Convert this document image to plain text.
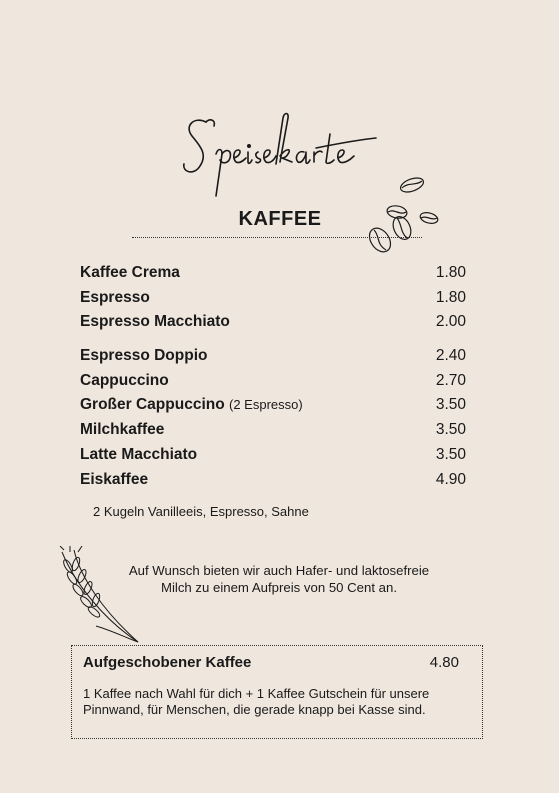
KAFFEE
Kaffee Crema	1.80
Espresso	1.80
Espresso Macchiato	2.00
Espresso Doppio	2.40
Cappuccino	2.70
Großer Cappuccino (2 Espresso)	3.50
Milchkaffee	3.50
Latte Macchiato	3.50
Eiskaffee	4.90
2 Kugeln Vanilleeis, Espresso, Sahne
Auf Wunsch bieten wir auch Hafer- und laktosefreie
Milch zu einem Aufpreis von 50 Cent an.
Aufgeschobener Kaffee	4.80
1 Kaffee nach Wahl für dich + 1 Kaffee Gutschein für unsere Pinnwand, für Menschen, die gerade knapp bei Kasse sind.
